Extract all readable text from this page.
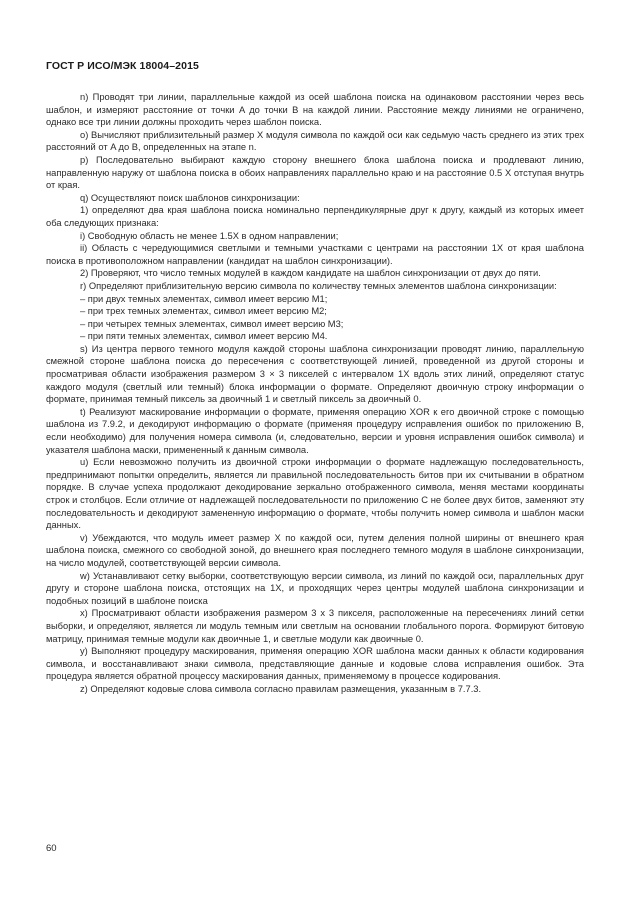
ГОСТ Р ИСО/МЭК 18004–2015

n) Проводят три линии, параллельные каждой из осей шаблона поиска на одинаковом расстоянии через весь шаблон, и измеряют расстояние от точки A до точки B на каждой линии. Расстояние между линиями не ограничено, однако все три линии должны проходить через шаблон поиска.

o) Вычисляют приблизительный размер X модуля символа по каждой оси как седьмую часть среднего из этих трех расстояний от A до B, определенных на этапе n.

p) Последовательно выбирают каждую сторону внешнего блока шаблона поиска и продлевают линию, направленную наружу от шаблона поиска в обоих направлениях параллельно краю и на расстояние 0.5 X отступая внутрь от края.

q) Осуществляют поиск шаблонов синхронизации:

1) определяют два края шаблона поиска номинально перпендикулярные друг к другу, каждый из которых имеет оба следующих признака:

i) Свободную область не менее 1.5X в одном направлении;

ii) Область с чередующимися светлыми и темными участками с центрами на расстоянии 1X от края шаблона поиска в противоположном направлении (кандидат на шаблон синхронизации).

2) Проверяют, что число темных модулей в каждом кандидате на шаблон синхронизации от двух до пяти.

r) Определяют приблизительную версию символа по количеству темных элементов шаблона синхронизации:

– при двух темных элементах, символ имеет версию M1;

– при трех темных элементах, символ имеет версию M2;

– при четырех темных элементах, символ имеет версию M3;

– при пяти темных элементах, символ имеет версию M4.

s) Из центра первого темного модуля каждой стороны шаблона синхронизации проводят линию, параллельную смежной стороне шаблона поиска до пересечения с соответствующей линией, проведенной из другой стороны и просматривая области изображения размером 3 × 3 пикселей с интервалом 1X вдоль этих линий, определяют статус каждого модуля (светлый или темный) блока информации о формате. Определяют двоичную строку информации о формате, принимая темный пиксель за двоичный 1 и светлый пиксель за двоичный 0.

t) Реализуют маскирование информации о формате, применяя операцию XOR к его двоичной строке с помощью шаблона из 7.9.2, и декодируют информацию о формате (применяя процедуру исправления ошибок по приложению B, если необходимо) для получения номера символа (и, следовательно, версии и уровня исправления ошибок символа) и указателя шаблона маски, примененный к данным символа.

u) Если невозможно получить из двоичной строки информации о формате надлежащую последовательность, предпринимают попытки определить, является ли правильной последовательность битов при их считывании в обратном порядке. В случае успеха продолжают декодирование зеркально отображенного символа, меняя местами координаты строк и столбцов. Если отличие от надлежащей последовательности по приложению C не более двух битов, заменяют эту последовательность и декодируют замененную информацию о формате, чтобы получить номер символа и шаблон маски данных.

v) Убеждаются, что модуль имеет размер X по каждой оси, путем деления полной ширины от внешнего края шаблона поиска, смежного со свободной зоной, до внешнего края последнего темного модуля в шаблоне синхронизации, на число модулей, соответствующей версии символа.

w) Устанавливают сетку выборки, соответствующую версии символа, из линий по каждой оси, параллельных друг другу и стороне шаблона поиска, отстоящих на 1X, и проходящих через центры модулей шаблона синхронизации и подобных позиций в шаблоне поиска

x) Просматривают области изображения размером 3 x 3 пикселя, расположенные на пересечениях линий сетки выборки, и определяют, является ли модуль темным или светлым на основании глобального порога. Формируют битовую матрицу, принимая темные модули как двоичные 1, и светлые модули как двоичные 0.

y) Выполняют процедуру маскирования, применяя операцию XOR шаблона маски данных к области кодирования символа, и восстанавливают знаки символа, представляющие данные и кодовые слова исправления ошибок. Эта процедура является обратной процессу маскирования данных, применяемому в процессе кодирования.

z) Определяют кодовые слова символа согласно правилам размещения, указанным в 7.7.3.

60
